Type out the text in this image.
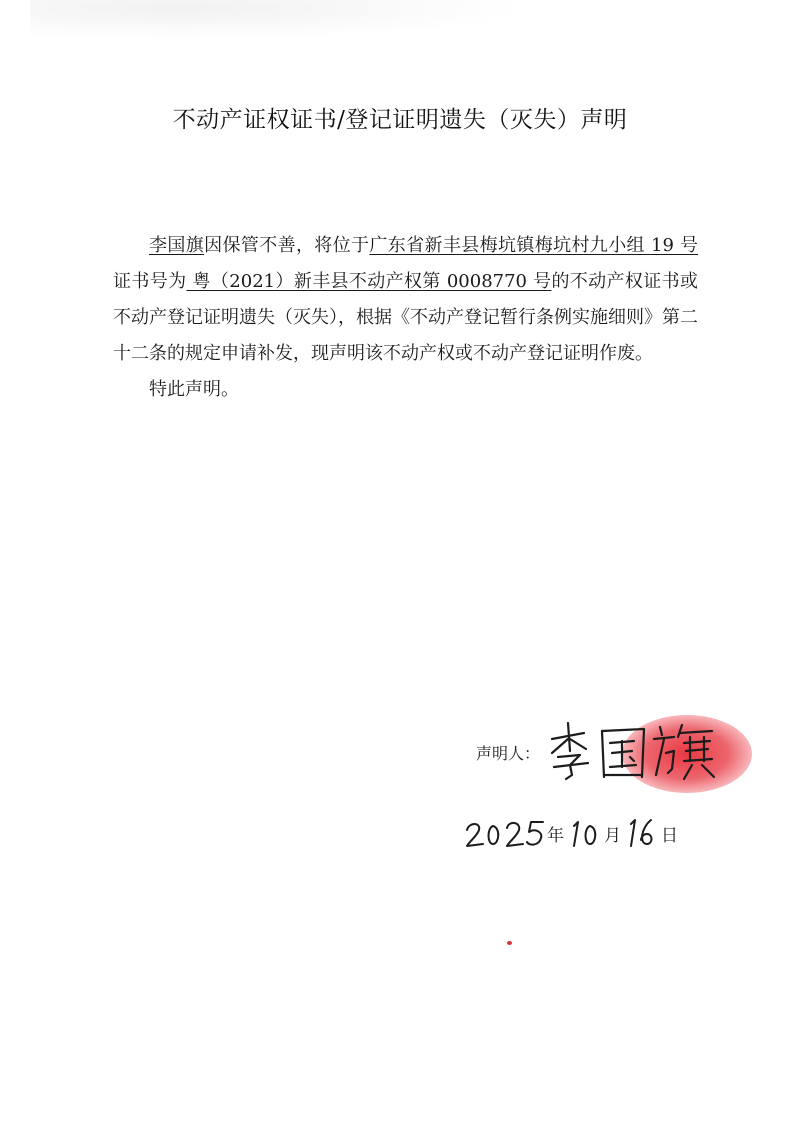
不动产证权证书/登记证明遗失（灭失）声明

李国旗因保管不善，将位于广东省新丰县梅坑镇梅坑村九小组 19 号证书号为 粤（2021）新丰县不动产权第 0008770 号的不动产权证书或不动产登记证明遗失（灭失），根据《不动产登记暂行条例实施细则》第二十二条的规定申请补发，现声明该不动产权或不动产登记证明作废。

特此声明。

声明人：
年 月 日
